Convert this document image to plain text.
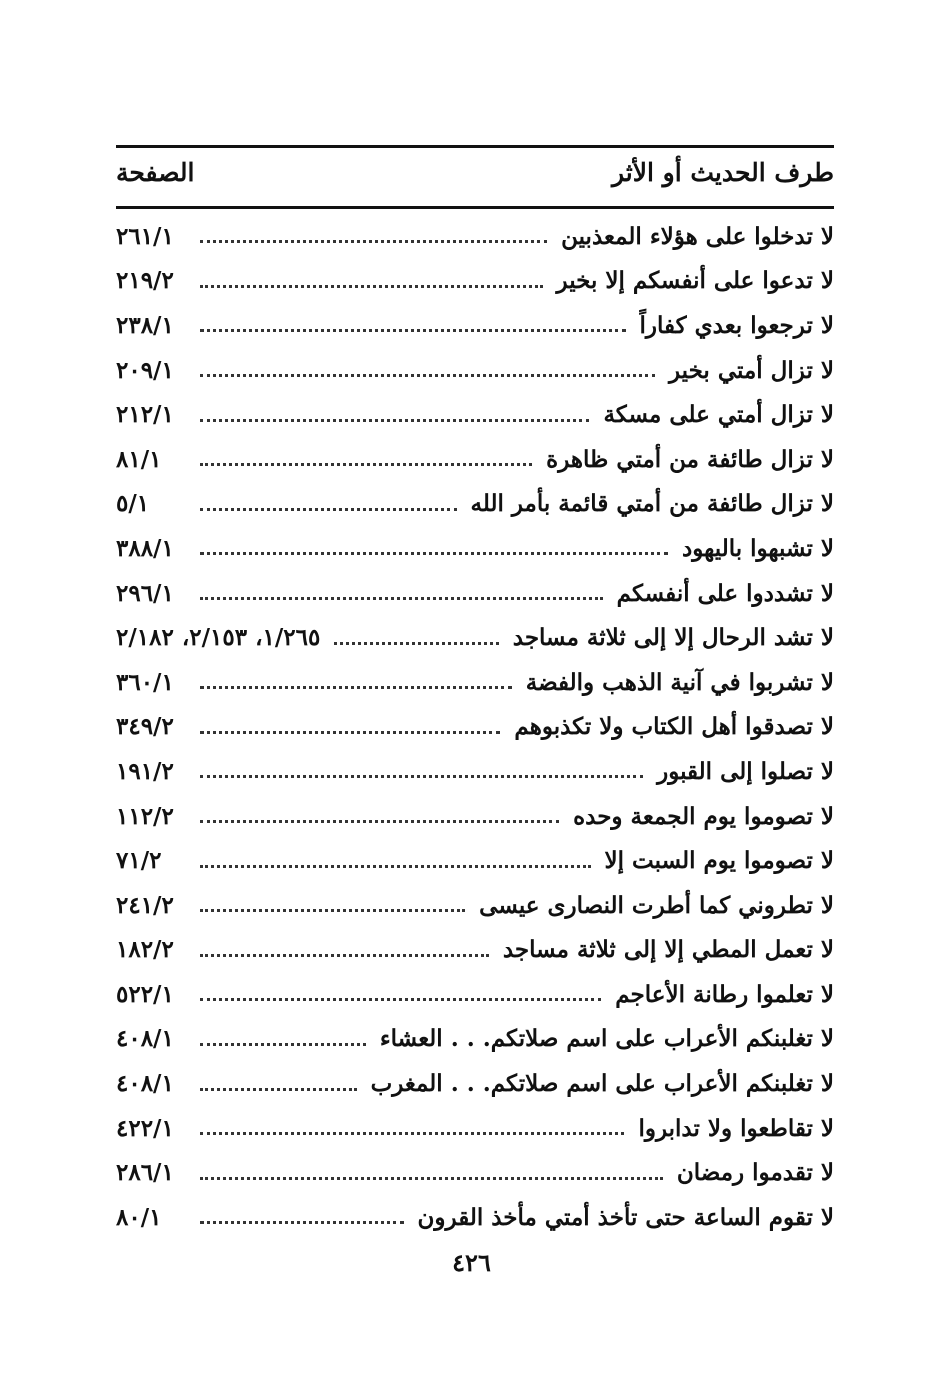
طرف الحديث أو الأثر
الصفحة
لا تدخلوا على هؤلاء المعذبين
٢٦١/١
لا تدعوا على أنفسكم إلا بخير
٢١٩/٢
لا ترجعوا بعدي كفاراً
٢٣٨/١
لا تزال أمتي بخير
٢٠٩/١
لا تزال أمتي على مسكة
٢١٢/١
لا تزال طائفة من أمتي ظاهرة
٨١/١
لا تزال طائفة من أمتي قائمة بأمر الله
٥/١
لا تشبهوا باليهود
٣٨٨/١
لا تشددوا على أنفسكم
٢٩٦/١
لا تشد الرحال إلا إلى ثلاثة مساجد
١/٢٦٥، ٢/١٥٣، ٢/١٨٢
لا تشربوا في آنية الذهب والفضة
٣٦٠/١
لا تصدقوا أهل الكتاب ولا تكذبوهم
٣٤٩/٢
لا تصلوا إلى القبور
١٩١/٢
لا تصوموا يوم الجمعة وحده
١١٢/٢
لا تصوموا يوم السبت إلا
٧١/٢
لا تطروني كما أطرت النصارى عيسى
٢٤١/٢
لا تعمل المطي إلا إلى ثلاثة مساجد
١٨٢/٢
لا تعلموا رطانة الأعاجم
٥٢٢/١
لا تغلبنكم الأعراب على اسم صلاتكم. . . العشاء
٤٠٨/١
لا تغلبنكم الأعراب على اسم صلاتكم. . . المغرب
٤٠٨/١
لا تقاطعوا ولا تدابروا
٤٢٢/١
لا تقدموا رمضان
٢٨٦/١
لا تقوم الساعة حتى تأخذ أمتي مأخذ القرون
٨٠/١
٤٢٦
